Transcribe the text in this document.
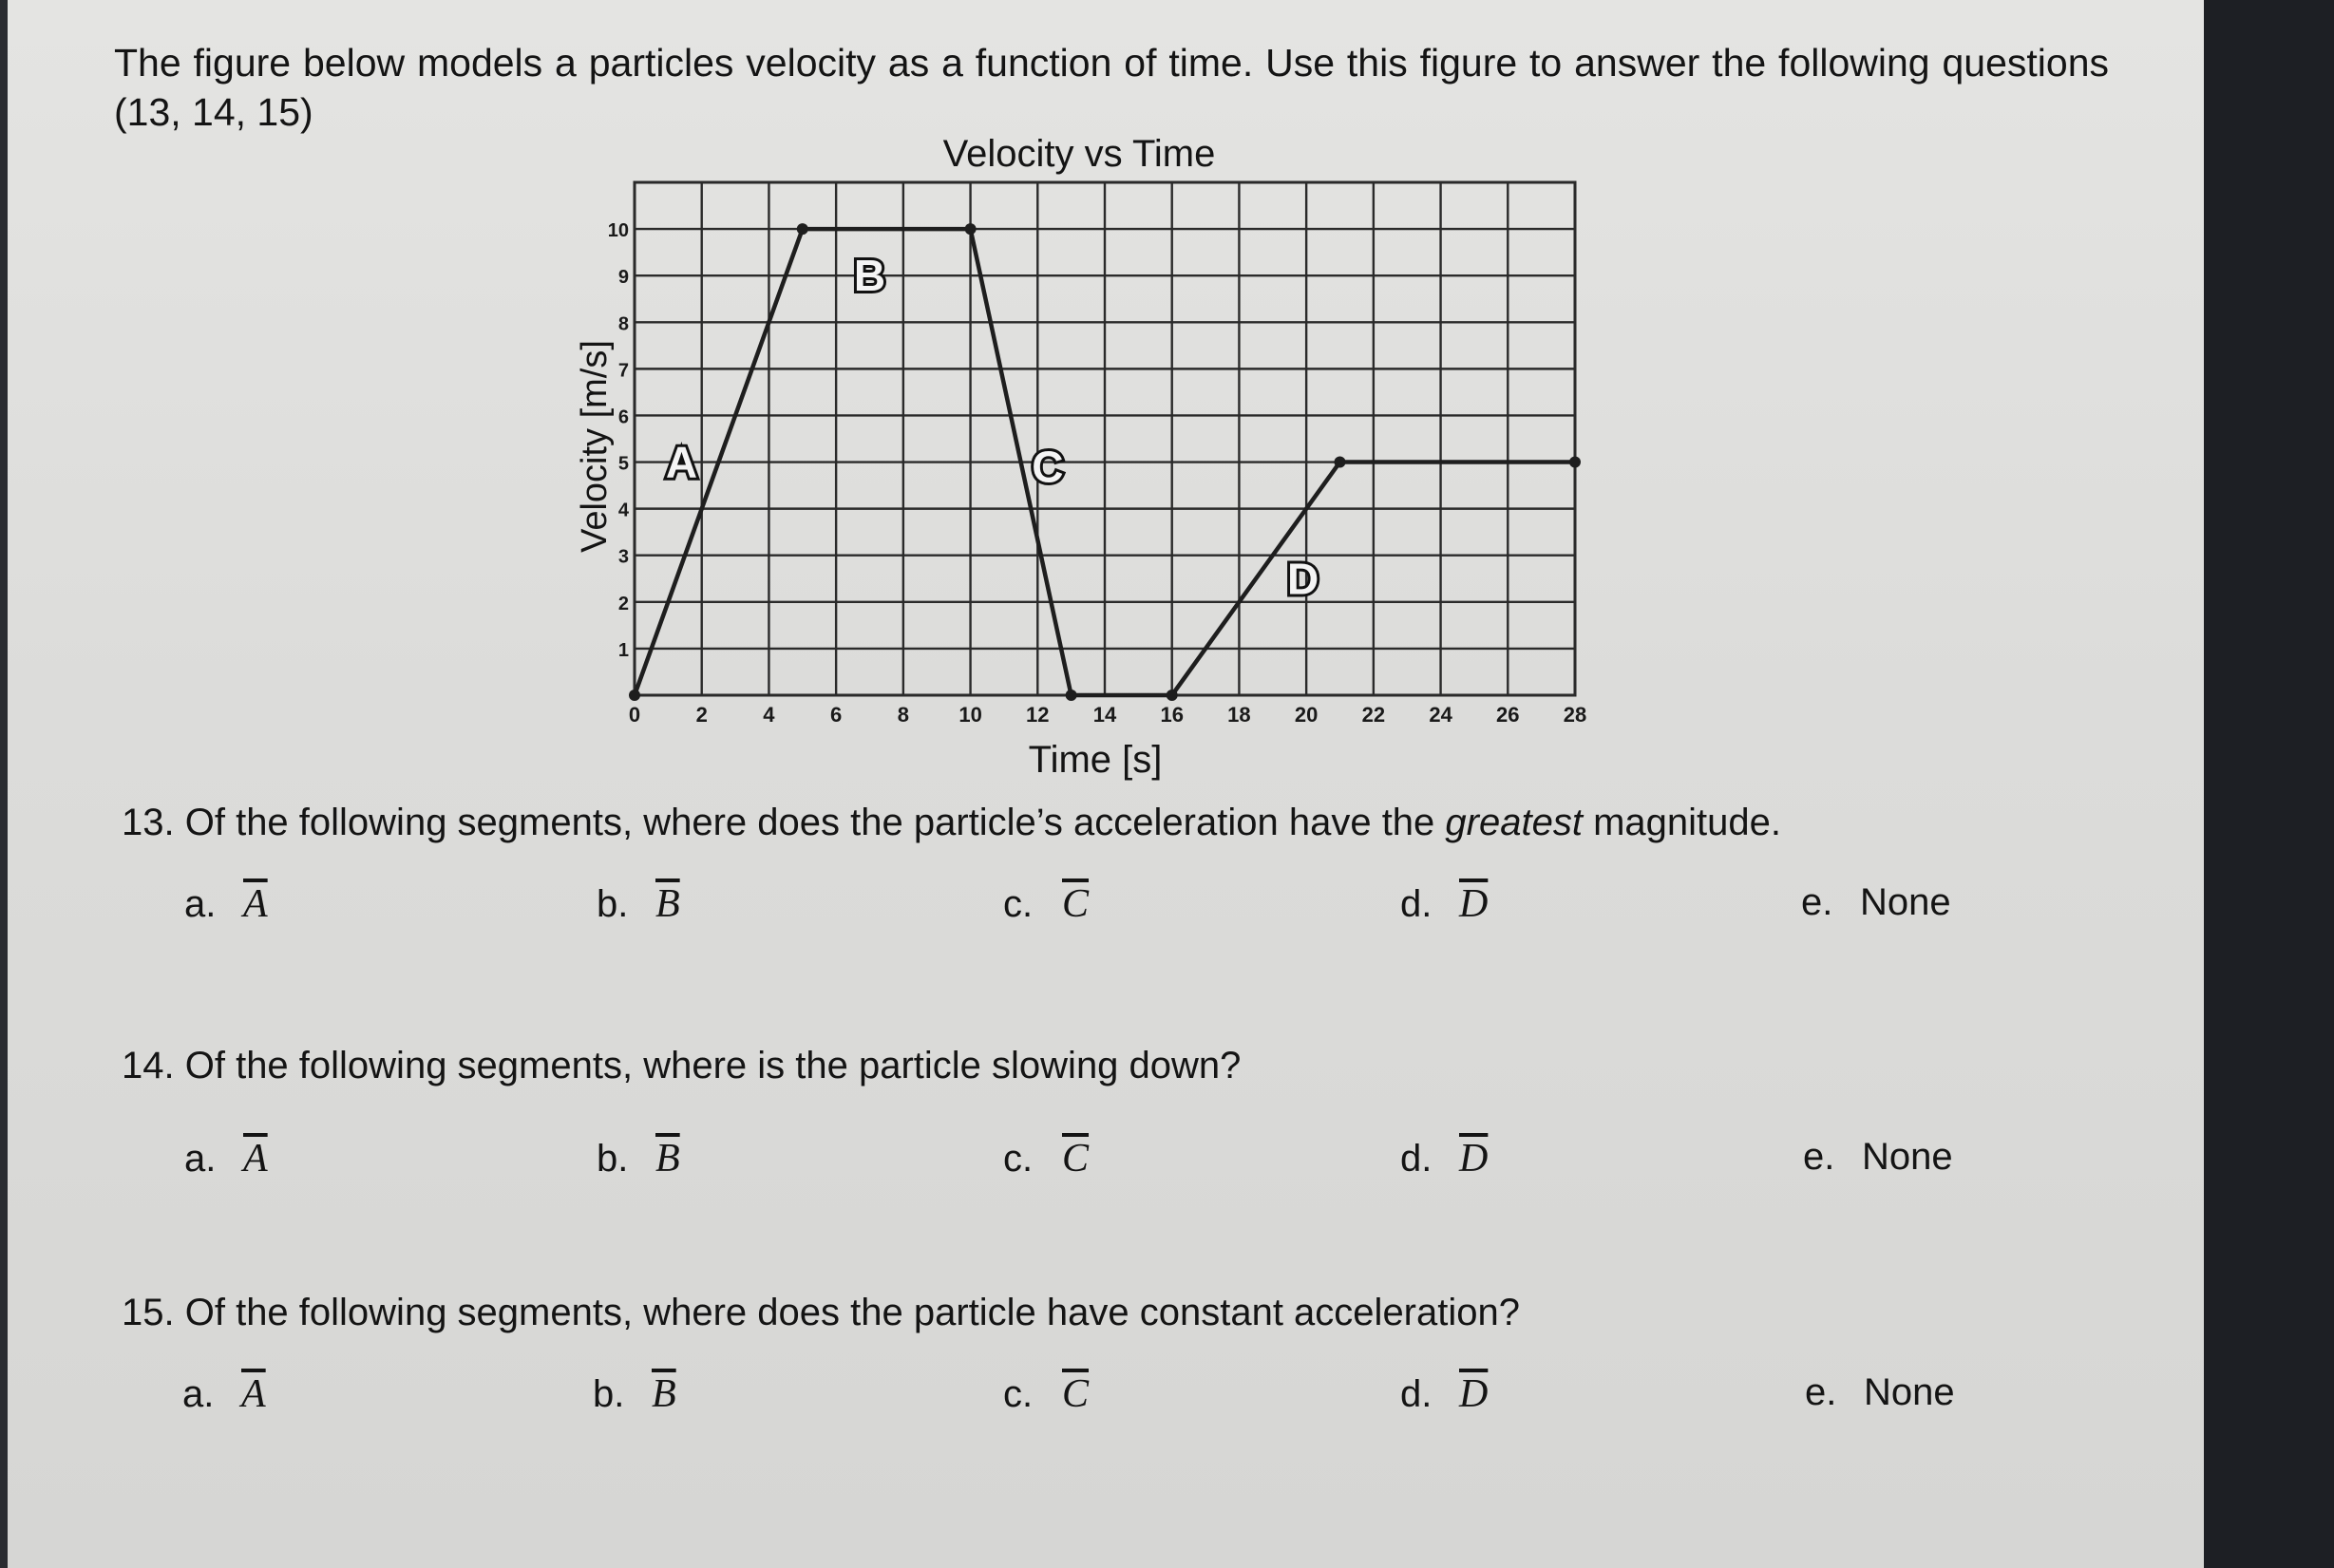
The figure below models a particles velocity as a function of time. Use this figure to answer the following questions (13, 14, 15)
Velocity vs Time
Time [s]
Velocity [m/s]
0	2	4	6	8 10 12 14 16 18 20 22 24 26 28
1
2
3
4
5
6
7
8
9
10
A
B
C
D
13. Of the following segments, where does the particle’s acceleration have the greatest magnitude.
a. $\overline{A}$	b. $\overline{B}$	c. $\overline{C}$	d. $\overline{D}$	e. None
14. Of the following segments, where is the particle slowing down?
a. $\overline{A}$	b. $\overline{B}$	c. $\overline{C}$	d. $\overline{D}$	e. None
15. Of the following segments, where does the particle have constant acceleration?
a. $\overline{A}$	b. $\overline{B}$	c. $\overline{C}$	d. $\overline{D}$	e. None
